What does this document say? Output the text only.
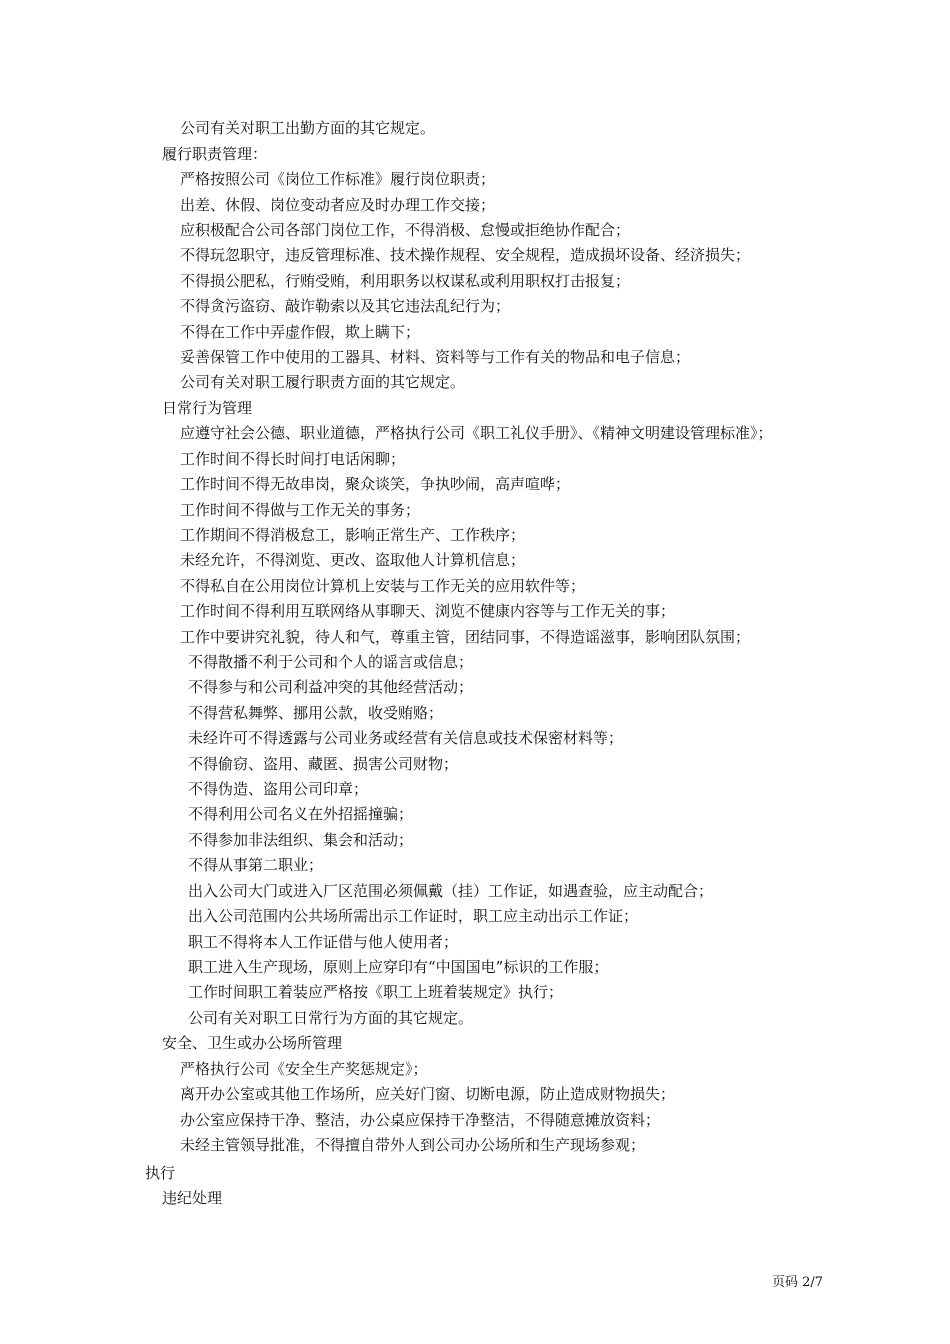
公司有关对职工出勤方面的其它规定。
履行职责管理：
严格按照公司《岗位工作标准》履行岗位职责；
出差、休假、岗位变动者应及时办理工作交接；
应积极配合公司各部门岗位工作，不得消极、怠慢或拒绝协作配合；
不得玩忽职守，违反管理标准、技术操作规程、安全规程，造成损坏设备、经济损失；
不得损公肥私，行贿受贿，利用职务以权谋私或利用职权打击报复；
不得贪污盗窃、敲诈勒索以及其它违法乱纪行为；
不得在工作中弄虚作假，欺上瞒下；
妥善保管工作中使用的工器具、材料、资料等与工作有关的物品和电子信息；
公司有关对职工履行职责方面的其它规定。
日常行为管理
应遵守社会公德、职业道德，严格执行公司《职工礼仪手册》、《精神文明建设管理标准》；
工作时间不得长时间打电话闲聊；
工作时间不得无故串岗，聚众谈笑，争执吵闹，高声喧哗；
工作时间不得做与工作无关的事务；
工作期间不得消极怠工，影响正常生产、工作秩序；
未经允许，不得浏览、更改、盗取他人计算机信息；
不得私自在公用岗位计算机上安装与工作无关的应用软件等；
工作时间不得利用互联网络从事聊天、浏览不健康内容等与工作无关的事；
工作中要讲究礼貌，待人和气，尊重主管，团结同事，不得造谣滋事，影响团队氛围；
不得散播不利于公司和个人的谣言或信息；
不得参与和公司利益冲突的其他经营活动；
不得营私舞弊、挪用公款，收受贿赂；
未经许可不得透露与公司业务或经营有关信息或技术保密材料等；
不得偷窃、盗用、藏匿、损害公司财物；
不得伪造、盗用公司印章；
不得利用公司名义在外招摇撞骗；
不得参加非法组织、集会和活动；
不得从事第二职业；
出入公司大门或进入厂区范围必须佩戴（挂）工作证，如遇查验，应主动配合；
出入公司范围内公共场所需出示工作证时，职工应主动出示工作证；
职工不得将本人工作证借与他人使用者；
职工进入生产现场，原则上应穿印有“中国国电”标识的工作服；
工作时间职工着装应严格按《职工上班着装规定》执行；
公司有关对职工日常行为方面的其它规定。
安全、卫生或办公场所管理
严格执行公司《安全生产奖惩规定》；
离开办公室或其他工作场所，应关好门窗、切断电源，防止造成财物损失；
办公室应保持干净、整洁，办公桌应保持干净整洁，不得随意摊放资料；
未经主管领导批准，不得擅自带外人到公司办公场所和生产现场参观；
执行
违纪处理
页码 2/7
